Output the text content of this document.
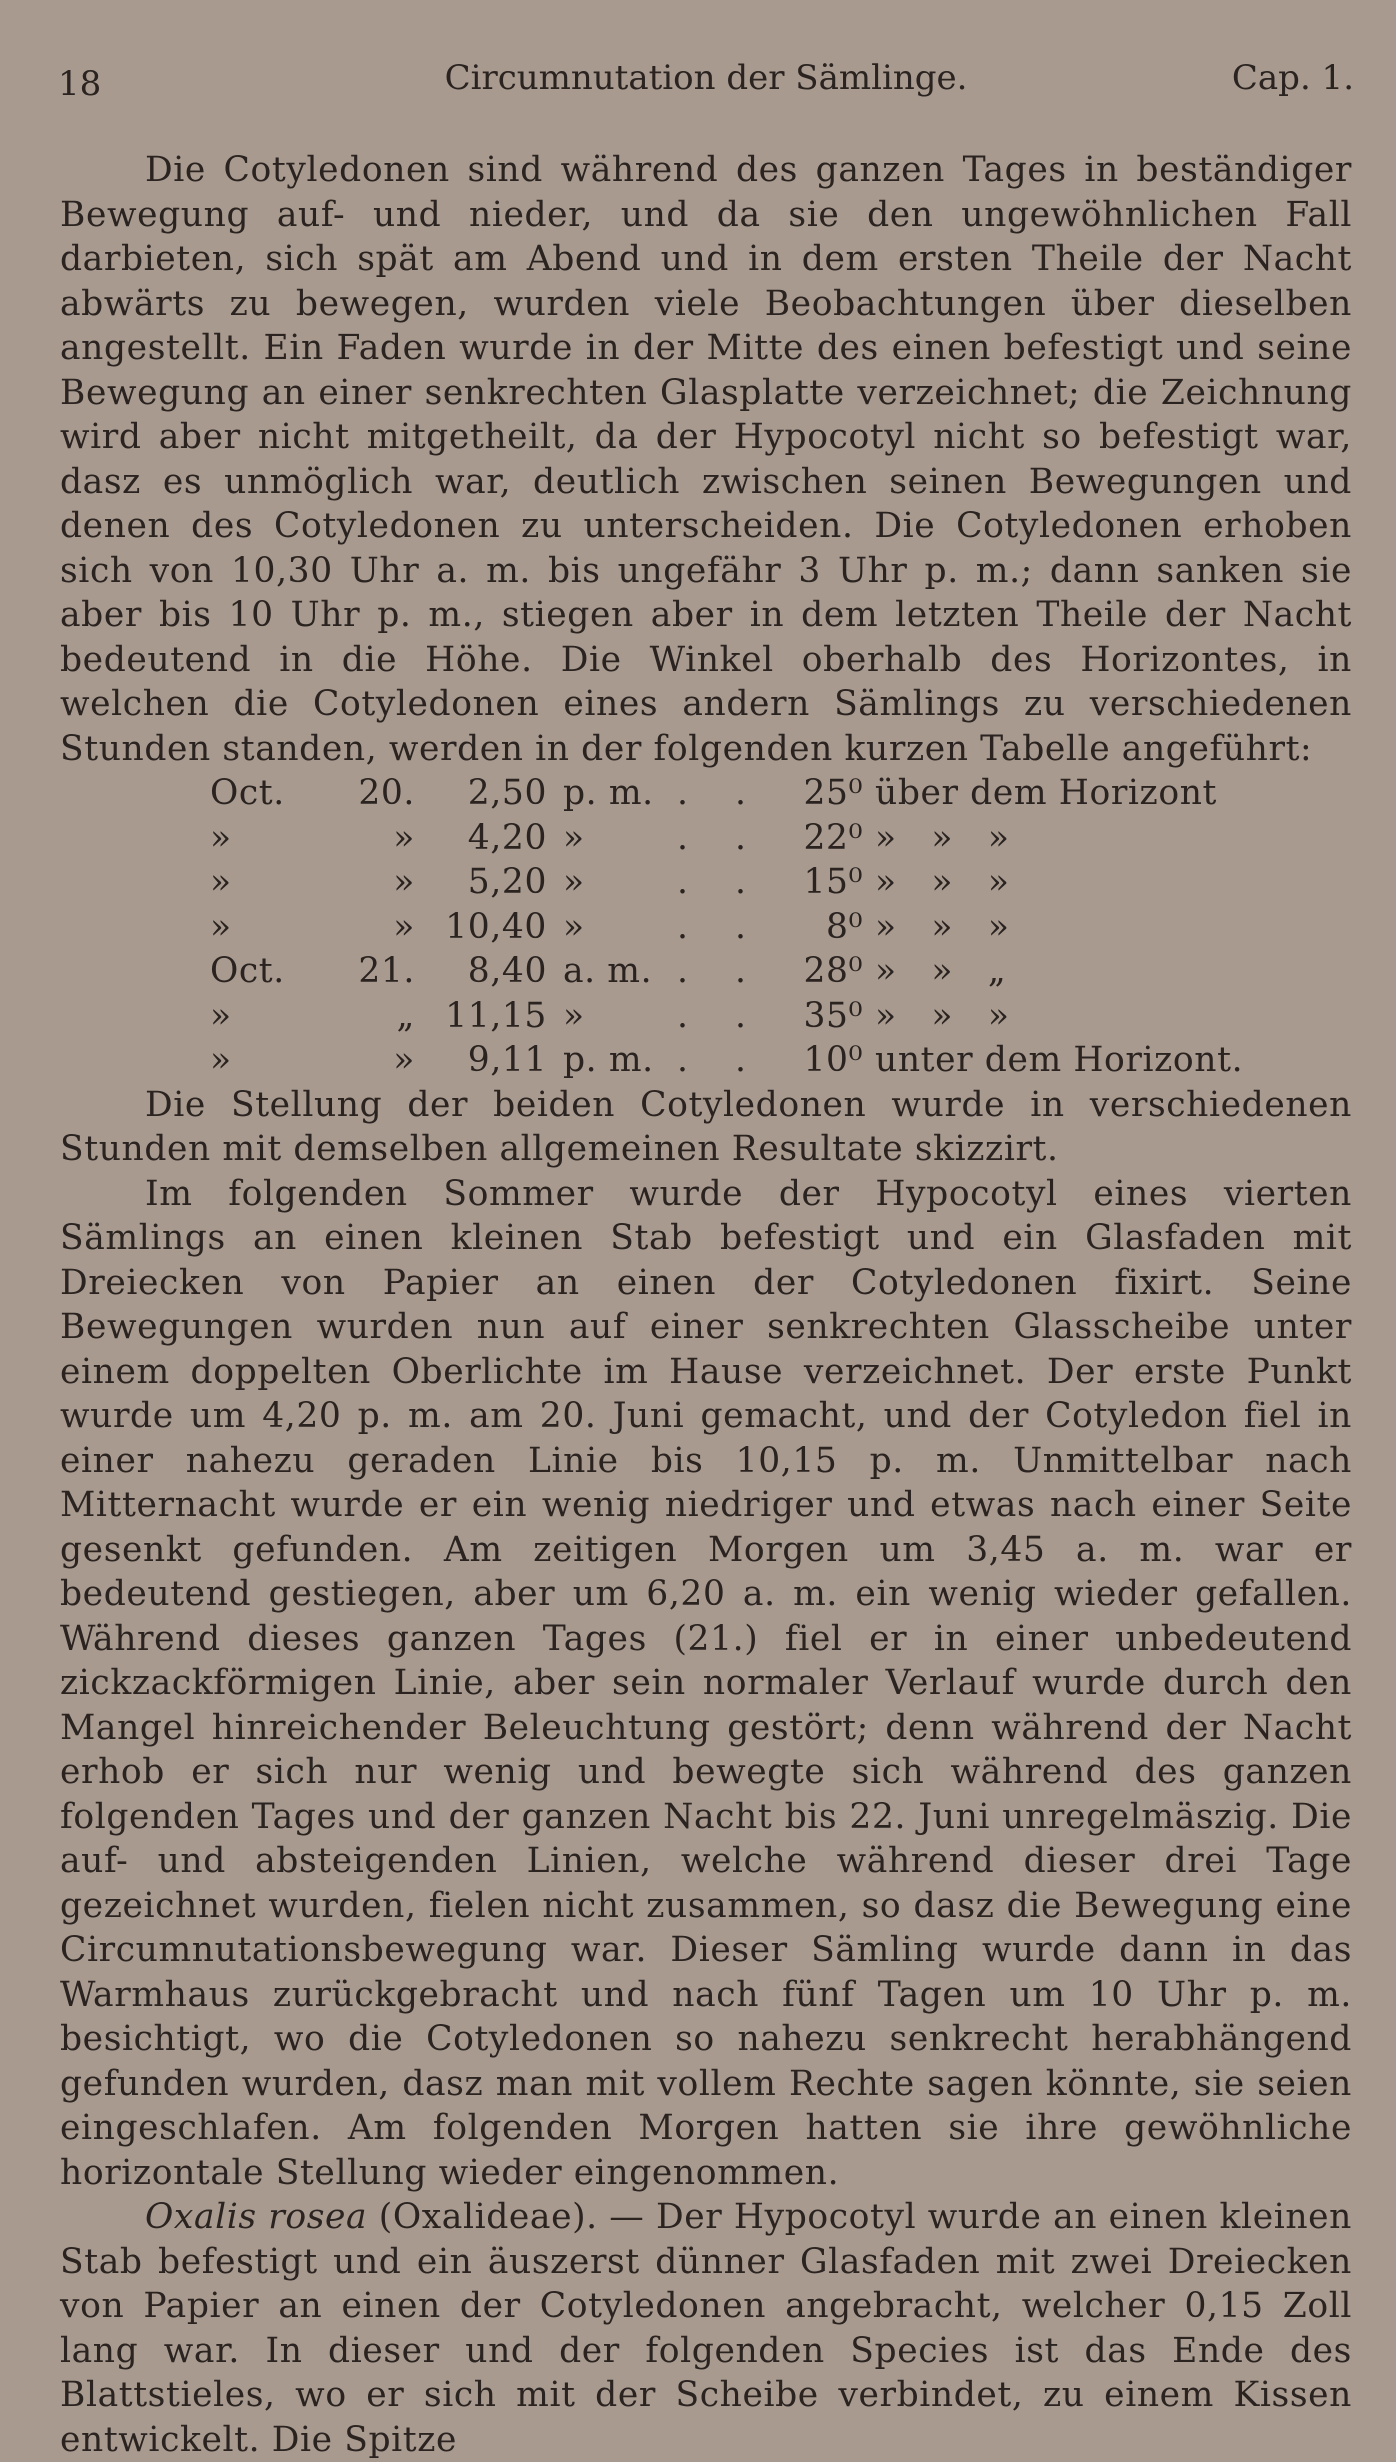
18	Circumnutation der Sämlinge.	Cap. 1.

Die Cotyledonen sind während des ganzen Tages in beständiger Bewegung auf- und nieder, und da sie den ungewöhnlichen Fall darbieten, sich spät am Abend und in dem ersten Theile der Nacht abwärts zu bewegen, wurden viele Beobachtungen über dieselben angestellt. Ein Faden wurde in der Mitte des einen befestigt und seine Bewegung an einer senkrechten Glasplatte verzeichnet; die Zeichnung wird aber nicht mitgetheilt, da der Hypocotyl nicht so befestigt war, dasz es unmöglich war, deutlich zwischen seinen Bewegungen und denen des Cotyledonen zu unterscheiden. Die Cotyledonen erhoben sich von 10,30 Uhr a. m. bis ungefähr 3 Uhr p. m.; dann sanken sie aber bis 10 Uhr p. m., stiegen aber in dem letzten Theile der Nacht bedeutend in die Höhe. Die Winkel oberhalb des Horizontes, in welchen die Cotyledonen eines andern Sämlings zu verschiedenen Stunden standen, werden in der folgenden kurzen Tabelle angeführt:

Oct.	20.	2,50	p. m.	. .	25⁰	über dem Horizont
»	»	4,20	»	. .	22⁰	»   »   »
»	»	5,20	»	. .	15⁰	»   »   »
»	»	10,40	»	. .	8⁰	»   »   »
Oct.	21.	8,40	a. m.	. .	28⁰	»   »   „
»	„	11,15	»	. .	35⁰	»   »   »
»	»	9,11	p. m.	. .	10⁰	unter dem Horizont.

Die Stellung der beiden Cotyledonen wurde in verschiedenen Stunden mit demselben allgemeinen Resultate skizzirt.

Im folgenden Sommer wurde der Hypocotyl eines vierten Sämlings an einen kleinen Stab befestigt und ein Glasfaden mit Dreiecken von Papier an einen der Cotyledonen fixirt. Seine Bewegungen wurden nun auf einer senkrechten Glasscheibe unter einem doppelten Oberlichte im Hause verzeichnet. Der erste Punkt wurde um 4,20 p. m. am 20. Juni gemacht, und der Cotyledon fiel in einer nahezu geraden Linie bis 10,15 p. m. Unmittelbar nach Mitternacht wurde er ein wenig niedriger und etwas nach einer Seite gesenkt gefunden. Am zeitigen Morgen um 3,45 a. m. war er bedeutend gestiegen, aber um 6,20 a. m. ein wenig wieder gefallen. Während dieses ganzen Tages (21.) fiel er in einer unbedeutend zickzackförmigen Linie, aber sein normaler Verlauf wurde durch den Mangel hinreichender Beleuchtung gestört; denn während der Nacht erhob er sich nur wenig und bewegte sich während des ganzen folgenden Tages und der ganzen Nacht bis 22. Juni unregelmäszig. Die auf- und absteigenden Linien, welche während dieser drei Tage gezeichnet wurden, fielen nicht zusammen, so dasz die Bewegung eine Circumnutationsbewegung war. Dieser Sämling wurde dann in das Warmhaus zurückgebracht und nach fünf Tagen um 10 Uhr p. m. besichtigt, wo die Cotyledonen so nahezu senkrecht herabhängend gefunden wurden, dasz man mit vollem Rechte sagen könnte, sie seien eingeschlafen. Am folgenden Morgen hatten sie ihre gewöhnliche horizontale Stellung wieder eingenommen.

Oxalis rosea (Oxalideae). — Der Hypocotyl wurde an einen kleinen Stab befestigt und ein äuszerst dünner Glasfaden mit zwei Dreiecken von Papier an einen der Cotyledonen angebracht, welcher 0,15 Zoll lang war. In dieser und der folgenden Species ist das Ende des Blattstieles, wo er sich mit der Scheibe verbindet, zu einem Kissen entwickelt. Die Spitze
